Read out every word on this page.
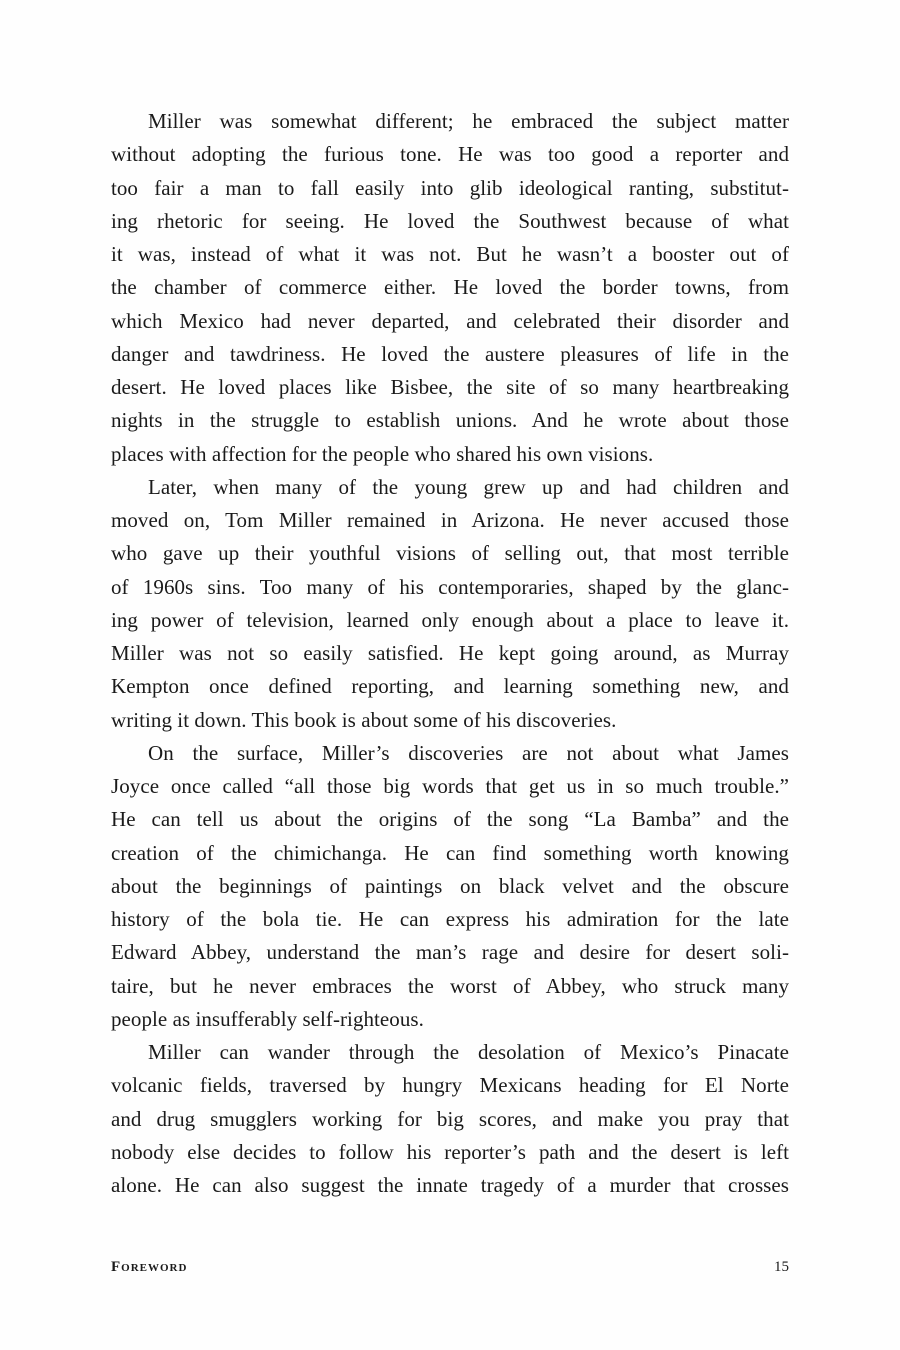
Miller was somewhat different; he embraced the subject matter
without adopting the furious tone. He was too good a reporter and
too fair a man to fall easily into glib ideological ranting, substitut-
ing rhetoric for seeing. He loved the Southwest because of what
it was, instead of what it was not. But he wasn’t a booster out of
the chamber of commerce either. He loved the border towns, from
which Mexico had never departed, and celebrated their disorder and
danger and tawdriness. He loved the austere pleasures of life in the
desert. He loved places like Bisbee, the site of so many heartbreaking
nights in the struggle to establish unions. And he wrote about those
places with affection for the people who shared his own visions.
Later, when many of the young grew up and had children and
moved on, Tom Miller remained in Arizona. He never accused those
who gave up their youthful visions of selling out, that most terrible
of 1960s sins. Too many of his contemporaries, shaped by the glanc-
ing power of television, learned only enough about a place to leave it.
Miller was not so easily satisfied. He kept going around, as Murray
Kempton once defined reporting, and learning something new, and
writing it down. This book is about some of his discoveries.
On the surface, Miller’s discoveries are not about what James
Joyce once called “all those big words that get us in so much trouble.”
He can tell us about the origins of the song “La Bamba” and the
creation of the chimichanga. He can find something worth knowing
about the beginnings of paintings on black velvet and the obscure
history of the bola tie. He can express his admiration for the late
Edward Abbey, understand the man’s rage and desire for desert soli-
taire, but he never embraces the worst of Abbey, who struck many
people as insufferably self-righteous.
Miller can wander through the desolation of Mexico’s Pinacate
volcanic fields, traversed by hungry Mexicans heading for El Norte
and drug smugglers working for big scores, and make you pray that
nobody else decides to follow his reporter’s path and the desert is left
alone. He can also suggest the innate tragedy of a murder that crosses
Foreword	15
